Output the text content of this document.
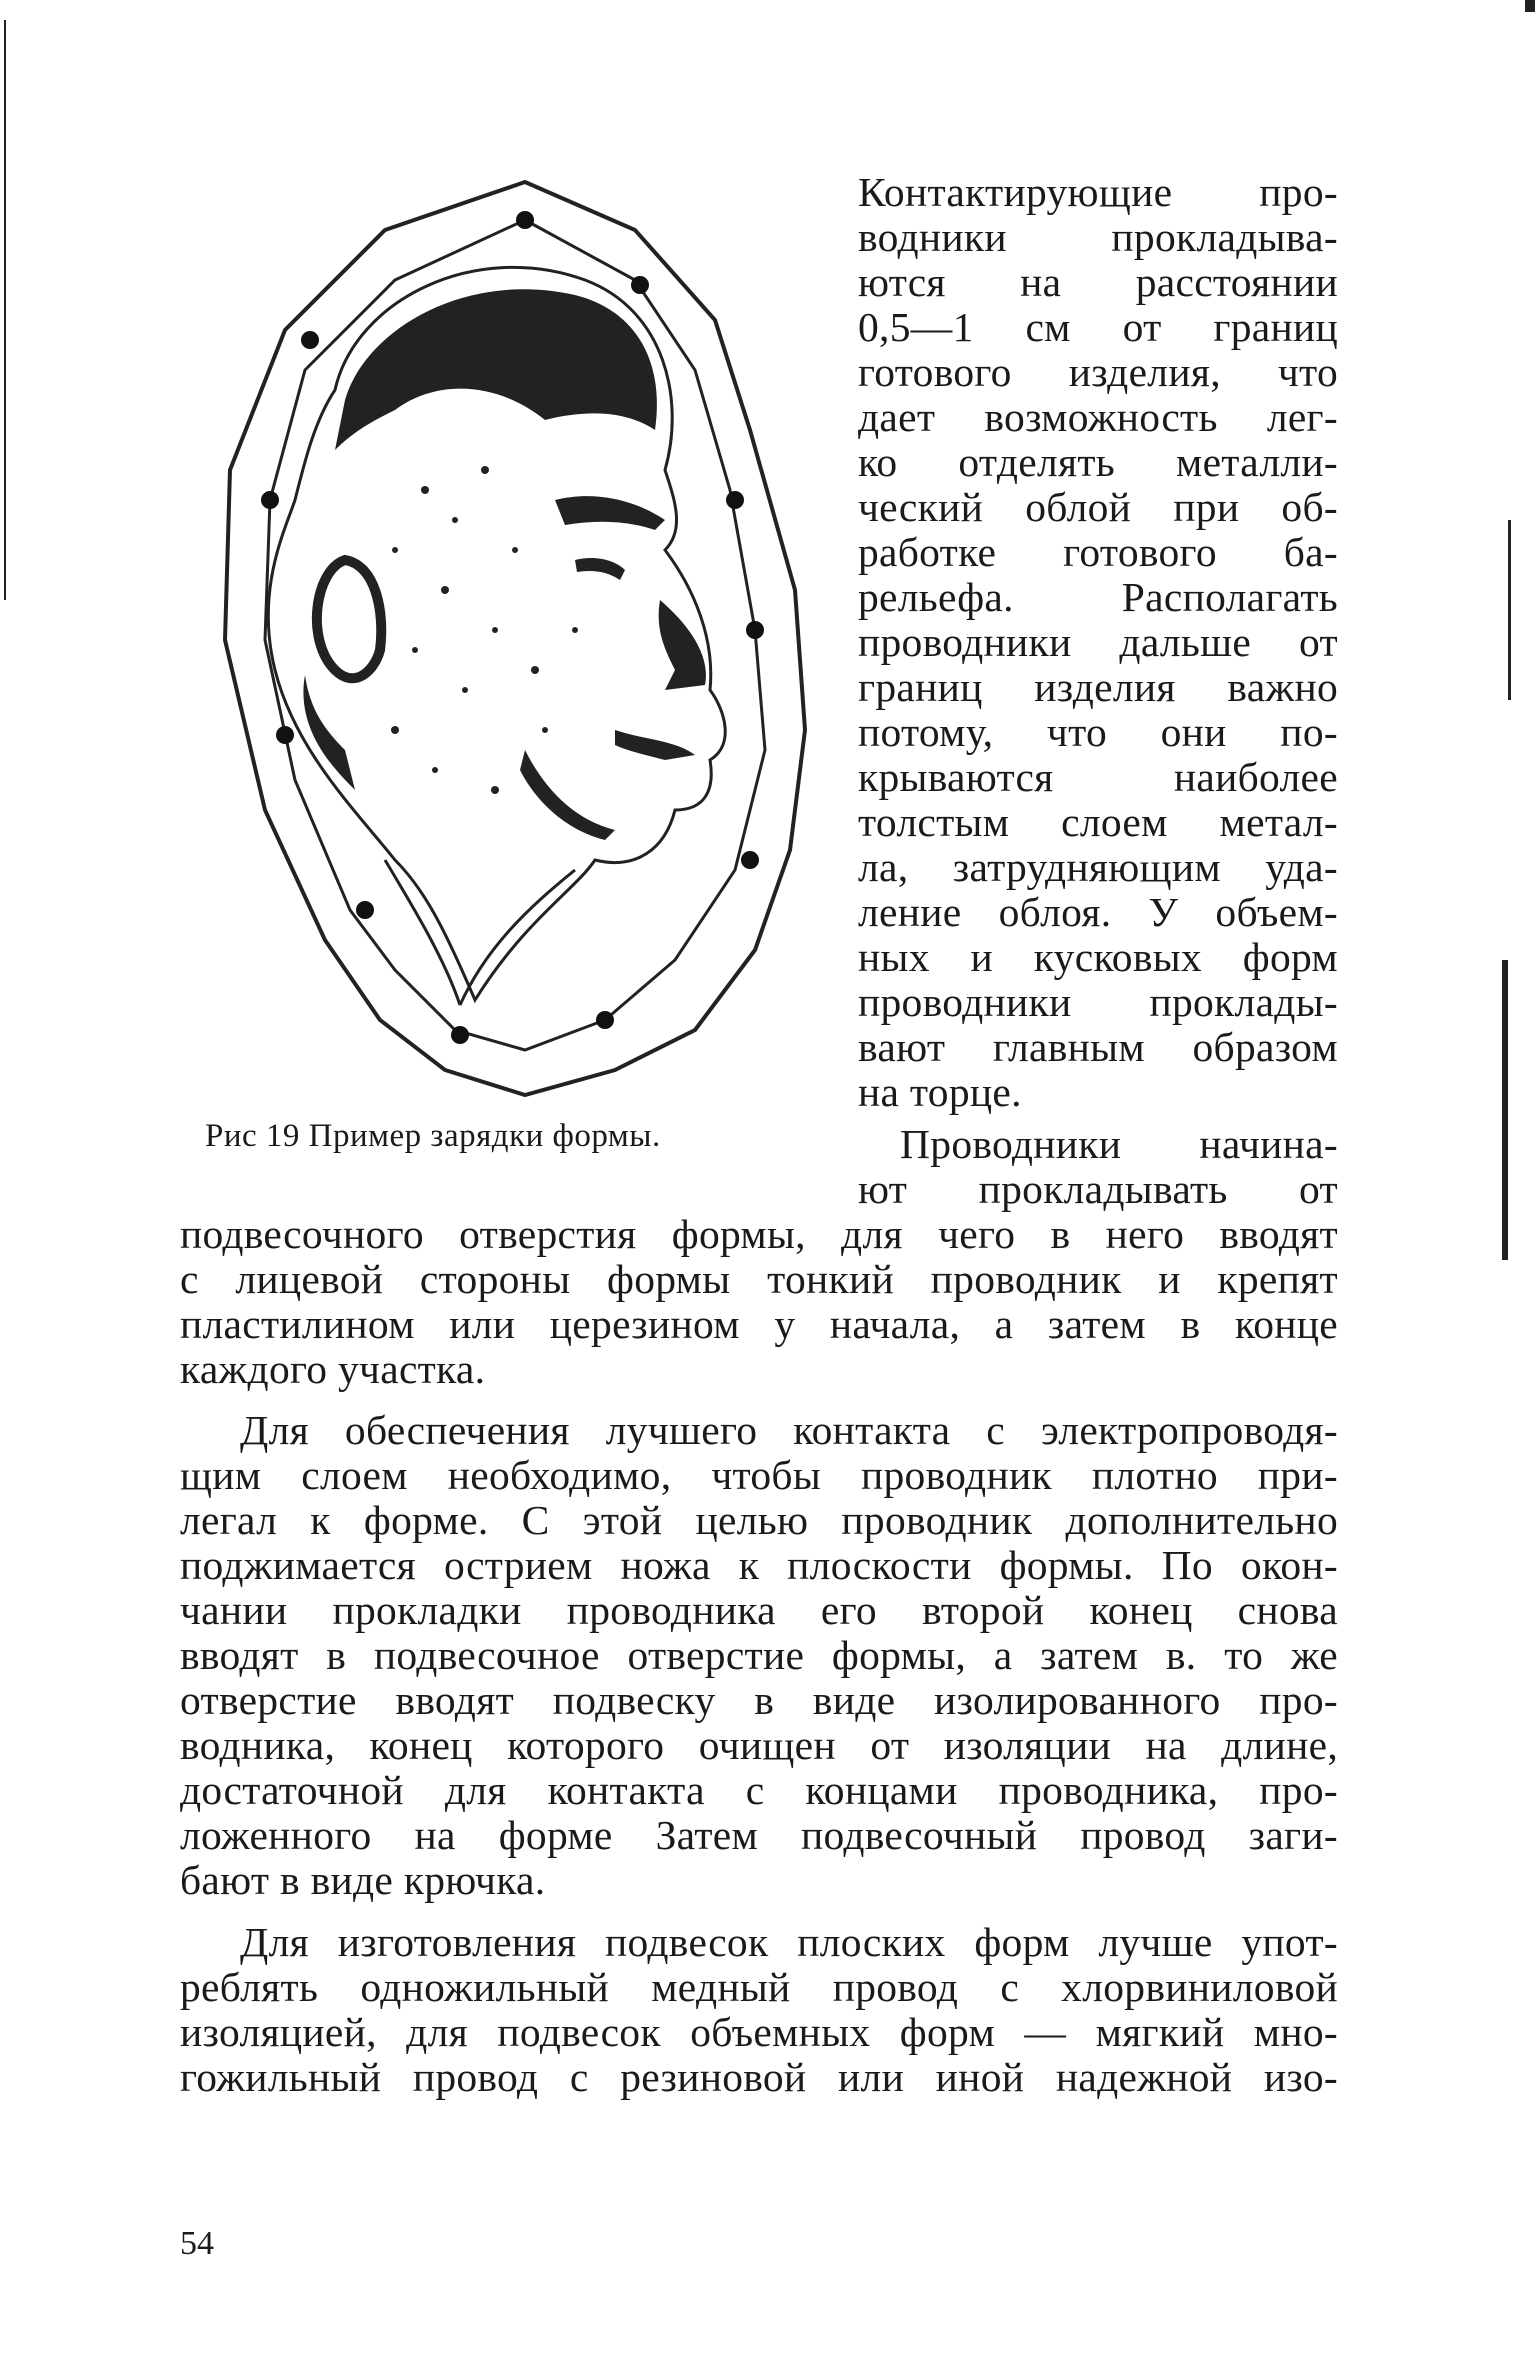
Рис 19 Пример зарядки формы.
Контактирующие про-
водники прокладыва-
ются на расстоянии
0,5—1 см от границ
готового изделия, что
дает возможность лег-
ко отделять металли-
ческий облой при об-
работке готового ба-
рельефа. Располагать
проводники дальше от
границ изделия важно
потому, что они по-
крываются наиболее
толстым слоем метал-
ла, затрудняющим уда-
ление облоя. У объем-
ных и кусковых форм
проводники проклады-
вают главным образом
на торце.
Проводники начина-
ют прокладывать от
подвесочного отверстия формы, для чего в него вводят
с лицевой стороны формы тонкий проводник и крепят
пластилином или церезином у начала, а затем в конце
каждого участка.
Для обеспечения лучшего контакта с электропроводя-
щим слоем необходимо, чтобы проводник плотно при-
легал к форме. С этой целью проводник дополнительно
поджимается острием ножа к плоскости формы. По окон-
чании прокладки проводника его второй конец снова
вводят в подвесочное отверстие формы, а затем в. то же
отверстие вводят подвеску в виде изолированного про-
водника, конец которого очищен от изоляции на длине,
достаточной для контакта с концами проводника, про-
ложенного на форме Затем подвесочный провод заги-
бают в виде крючка.
Для изготовления подвесок плоских форм лучше упот-
реблять одножильный медный провод с хлорвиниловой
изоляцией, для подвесок объемных форм — мягкий мно-
гожильный провод с резиновой или иной надежной изо-
54
